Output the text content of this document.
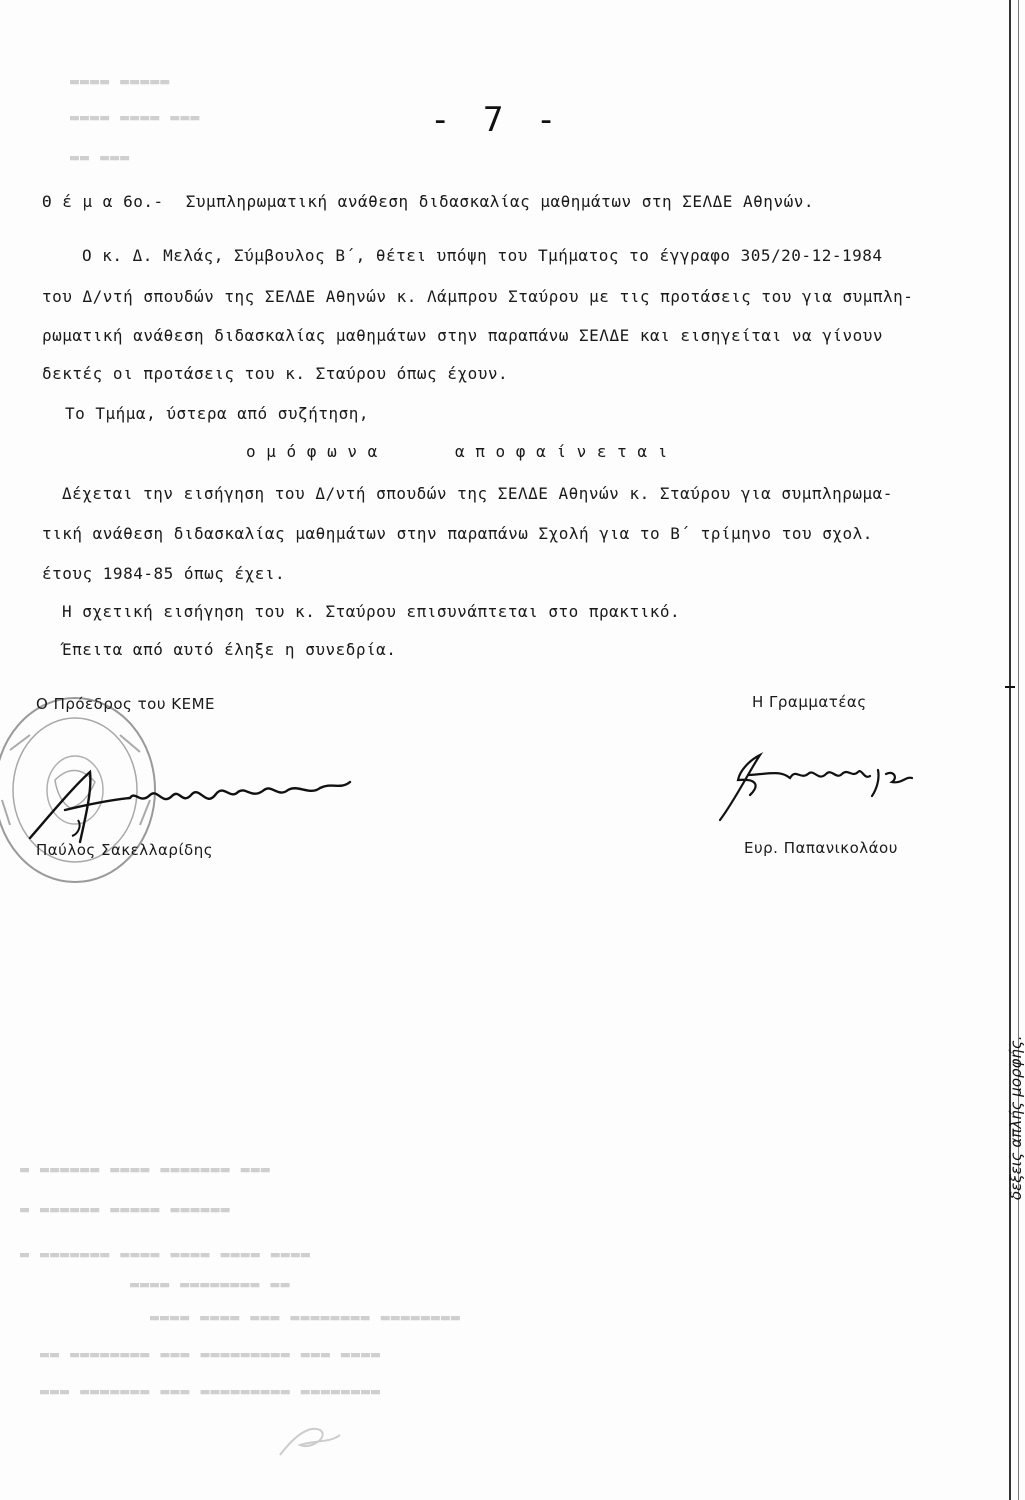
▬▬▬▬ ▬▬▬▬▬
▬▬▬▬ ▬▬▬▬ ▬▬▬
▬▬ ▬▬▬
▬ ▬▬▬▬▬▬ ▬▬▬▬ ▬▬▬▬▬▬▬ ▬▬▬
▬ ▬▬▬▬▬▬ ▬▬▬▬▬ ▬▬▬▬▬▬
▬ ▬▬▬▬▬▬▬ ▬▬▬▬ ▬▬▬▬ ▬▬▬▬ ▬▬▬▬
▬▬▬▬ ▬▬▬▬▬▬▬▬ ▬▬
▬▬▬▬ ▬▬▬▬ ▬▬▬ ▬▬▬▬▬▬▬▬ ▬▬▬▬▬▬▬▬
▬▬ ▬▬▬▬▬▬▬▬ ▬▬▬ ▬▬▬▬▬▬▬▬▬ ▬▬▬ ▬▬▬▬
▬▬▬ ▬▬▬▬▬▬▬ ▬▬▬ ▬▬▬▬▬▬▬▬▬ ▬▬▬▬▬▬▬▬
- 7 -
Θ έ μ α 6ο.- Συμπληρωματική ανάθεση διδασκαλίας μαθημάτων στη ΣΕΛΔΕ Αθηνών.
Ο κ. Δ. Μελάς, Σύμβουλος Β΄, θέτει υπόψη του Τμήματος το έγγραφο 305/20-12-1984
του Δ/ντή σπουδών της ΣΕΛΔΕ Αθηνών κ. Λάμπρου Σταύρου με τις προτάσεις του για συμπλη-
ρωματική ανάθεση διδασκαλίας μαθημάτων στην παραπάνω ΣΕΛΔΕ και εισηγείται να γίνουν
δεκτές οι προτάσεις του κ. Σταύρου όπως έχουν.
Το Τμήμα, ύστερα από συζήτηση,
ο μ ό φ ω ν α	α π ο φ α ί ν ε τ α ι
Δέχεται την εισήγηση του Δ/ντή σπουδών της ΣΕΛΔΕ Αθηνών κ. Σταύρου για συμπληρωμα-
τική ανάθεση διδασκαλίας μαθημάτων στην παραπάνω Σχολή για το Β΄ τρίμηνο του σχολ.
έτους 1984-85 όπως έχει.
Η σχετική εισήγηση του κ. Σταύρου επισυνάπτεται στο πρακτικό.
Έπειτα από αυτό έληξε η συνεδρία.
Ο Πρόεδρος του ΚΕΜΕ
Παύλος Σακελλαρίδης
Η Γραμματέας
Ευρ. Παπανικολάου
δεξεις απλής μορφής.
